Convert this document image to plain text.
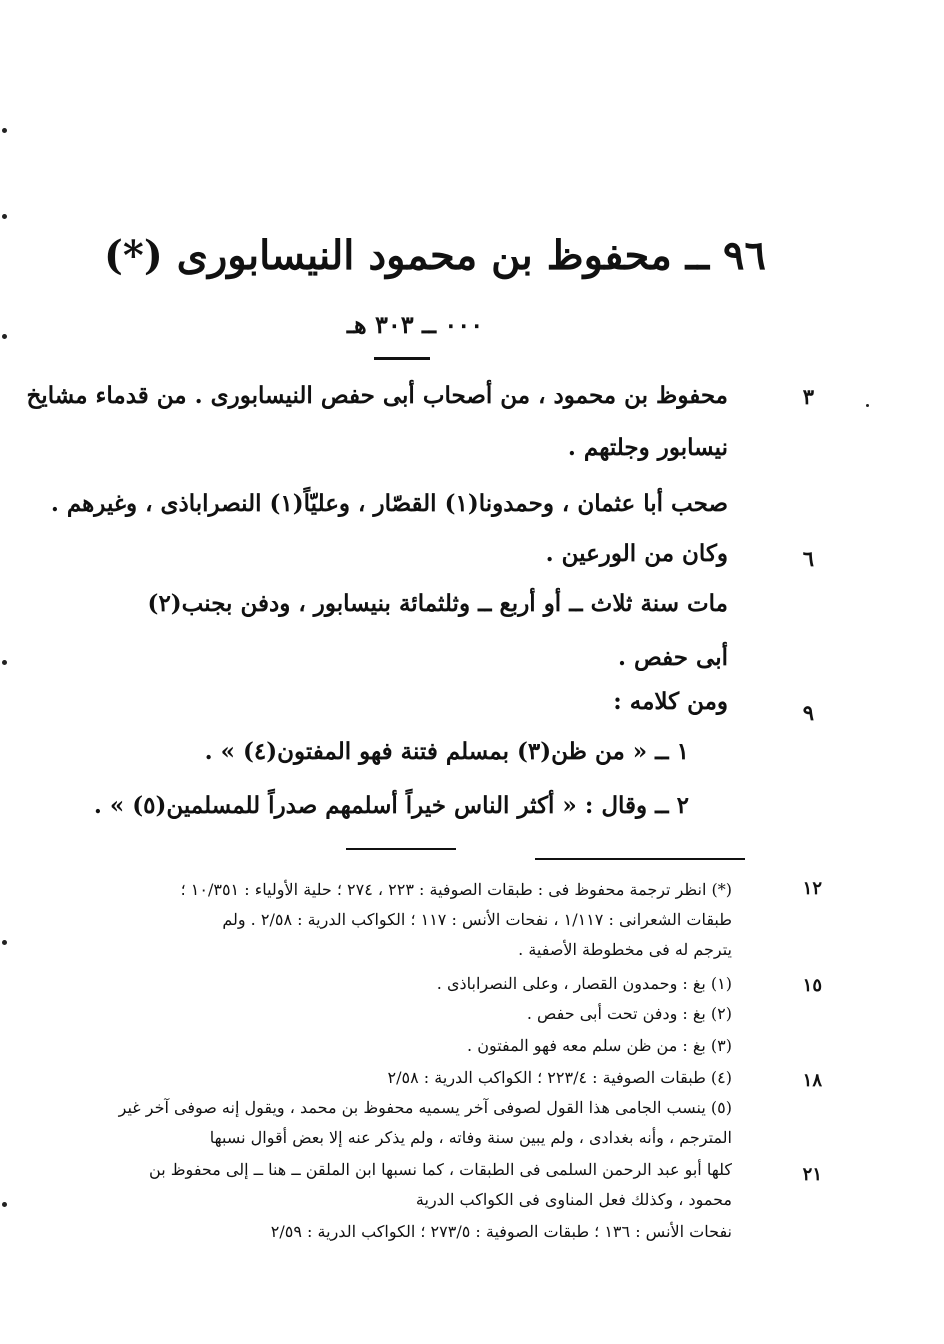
٩٦ ــ محفوظ بن محمود النيسابورى (*)
٠٠٠ ــ ٣٠٣ هـ
محفوظ بن محمود ، من أصحاب أبى حفص النيسابورى . من قدماء مشايخ
نيسابور وجلتهم .
صحب أبا عثمان ، وحمدونا(١) القصّار ، وعليّاً(١) النصراباذى ، وغيرهم .
وكان من الورعين .
مات سنة ثلاث ــ أو أربع ــ وثلثمائة بنيسابور ، ودفن بجنب(٢)
أبى حفص .
ومن كلامه :
١ ــ « من ظن(٣) بمسلم فتنة فهو المفتون(٤) » .
٢ ــ وقال : « أكثر الناس خيراً أسلمهم صدراً للمسلمين(٥) » .
٣
٦
٩
(*) انظر ترجمة محفوظ فى : طبقات الصوفية : ٢٢٣ ، ٢٧٤ ؛ حلية الأولياء : ١٠/٣٥١ ؛
طبقات الشعرانى : ١/١١٧ ، نفحات الأنس : ١١٧ ؛ الكواكب الدرية : ٢/٥٨ . ولم
يترجم له فى مخطوطة الأصفية .
(١) بغ : وحمدون القصار ، وعلى النصراباذى .
(٢) بغ : ودفن تحت أبى حفص .
(٣) بغ : من ظن سلم معه فهو المفتون .
(٤) طبقات الصوفية : ٢٢٣/٤ ؛ الكواكب الدرية : ٢/٥٨
(٥) ينسب الجامى هذا القول لصوفى آخر يسميه محفوظ بن محمد ، ويقول إنه صوفى آخر غير
المترجم ، وأنه بغدادى ، ولم يبين سنة وفاته ، ولم يذكر عنه إلا بعض أقوال نسبها
كلها أبو عبد الرحمن السلمى فى الطبقات ، كما نسبها ابن الملقن ــ هنا ــ إلى محفوظ بن
محمود ، وكذلك فعل المناوى فى الكواكب الدرية
نفحات الأنس : ١٣٦ ؛ طبقات الصوفية : ٢٧٣/٥ ؛ الكواكب الدرية : ٢/٥٩
١٢
١٥
١٨
٢١
